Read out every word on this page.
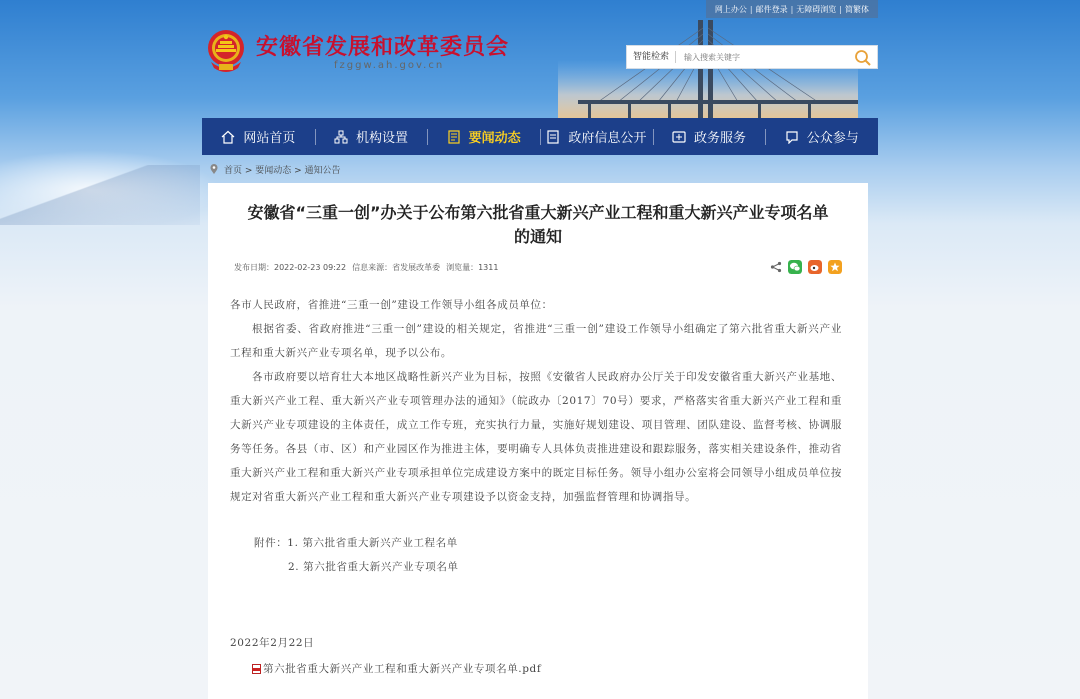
网上办公 | 邮件登录 | 无障碍浏览 | 简繁体
安徽省发展和改革委员会
fzggw.ah.gov.cn
智能检索
输入搜索关键字
网站首页	机构设置	要闻动态	政府信息公开	政务服务	公众参与
首页 > 要闻动态 > 通知公告
安徽省“三重一创”办关于公布第六批省重大新兴产业工程和重大新兴产业专项名单的通知
发布日期：2022-02-23 09:22 信息来源：省发展改革委 浏览量：1311

各市人民政府，省推进“三重一创”建设工作领导小组各成员单位：

根据省委、省政府推进“三重一创”建设的相关规定，省推进“三重一创”建设工作领导小组确定了第六批省重大新兴产业工程和重大新兴产业专项名单，现予以公布。

各市政府要以培育壮大本地区战略性新兴产业为目标，按照《安徽省人民政府办公厅关于印发安徽省重大新兴产业基地、重大新兴产业工程、重大新兴产业专项管理办法的通知》（皖政办〔2017〕70号）要求，严格落实省重大新兴产业工程和重大新兴产业专项建设的主体责任，成立工作专班，充实执行力量，实施好规划建设、项目管理、团队建设、监督考核、协调服务等任务。各县（市、区）和产业园区作为推进主体，要明确专人具体负责推进建设和跟踪服务，落实相关建设条件，推动省重大新兴产业工程和重大新兴产业专项承担单位完成建设方案中的既定目标任务。领导小组办公室将会同领导小组成员单位按规定对省重大新兴产业工程和重大新兴产业专项建设予以资金支持，加强监督管理和协调指导。

附件：1. 第六批省重大新兴产业工程名单

2. 第六批省重大新兴产业专项名单

2022年2月22日

第六批省重大新兴产业工程和重大新兴产业专项名单.pdf
